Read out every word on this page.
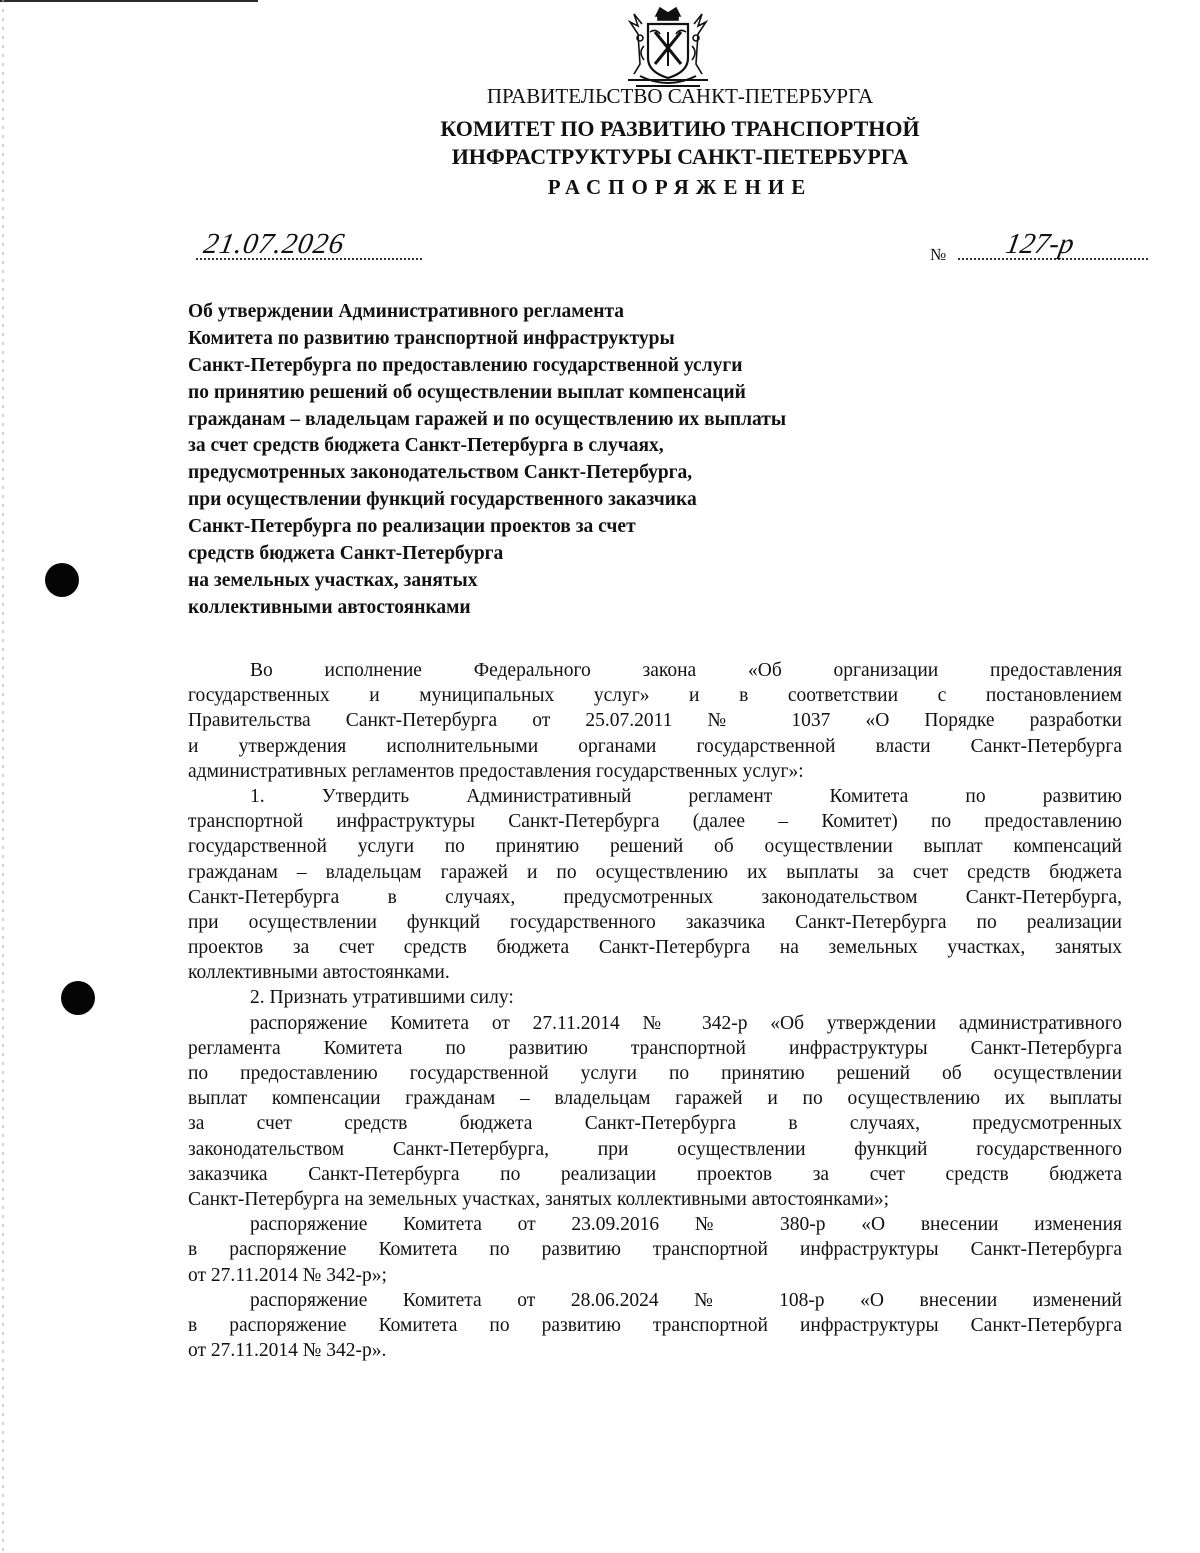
ПРАВИТЕЛЬСТВО САНКТ-ПЕТЕРБУРГА
КОМИТЕТ ПО РАЗВИТИЮ ТРАНСПОРТНОЙ
ИНФРАСТРУКТУРЫ САНКТ-ПЕТЕРБУРГА
РАСПОРЯЖЕНИЕ
21.07.2026	№ 127-р
Об утверждении Административного регламента
Комитета по развитию транспортной инфраструктуры
Санкт-Петербурга по предоставлению государственной услуги
по принятию решений об осуществлении выплат компенсаций
гражданам – владельцам гаражей и по осуществлению их выплаты
за счет средств бюджета Санкт-Петербурга в случаях,
предусмотренных законодательством Санкт-Петербурга,
при осуществлении функций государственного заказчика
Санкт-Петербурга по реализации проектов за счет
средств бюджета Санкт-Петербурга
на земельных участках, занятых
коллективными автостоянками
Во исполнение Федерального закона «Об организации предоставления
государственных и муниципальных услуг» и в соответствии с постановлением
Правительства Санкт-Петербурга от 25.07.2011 № 1037 «О Порядке разработки
и утверждения исполнительными органами государственной власти Санкт-Петербурга
административных регламентов предоставления государственных услуг»:
1. Утвердить Административный регламент Комитета по развитию
транспортной инфраструктуры Санкт-Петербурга (далее – Комитет) по предоставлению
государственной услуги по принятию решений об осуществлении выплат компенсаций
гражданам – владельцам гаражей и по осуществлению их выплаты за счет средств бюджета
Санкт-Петербурга в случаях, предусмотренных законодательством Санкт-Петербурга,
при осуществлении функций государственного заказчика Санкт-Петербурга по реализации
проектов за счет средств бюджета Санкт-Петербурга на земельных участках, занятых
коллективными автостоянками.
2. Признать утратившими силу:
распоряжение Комитета от 27.11.2014 № 342-р «Об утверждении административного
регламента Комитета по развитию транспортной инфраструктуры Санкт-Петербурга
по предоставлению государственной услуги по принятию решений об осуществлении
выплат компенсации гражданам – владельцам гаражей и по осуществлению их выплаты
за счет средств бюджета Санкт-Петербурга в случаях, предусмотренных
законодательством Санкт-Петербурга, при осуществлении функций государственного
заказчика Санкт-Петербурга по реализации проектов за счет средств бюджета
Санкт-Петербурга на земельных участках, занятых коллективными автостоянками»;
распоряжение Комитета от 23.09.2016 № 380-р «О внесении изменения
в распоряжение Комитета по развитию транспортной инфраструктуры Санкт-Петербурга
от 27.11.2014 № 342-р»;
распоряжение Комитета от 28.06.2024 № 108-р «О внесении изменений
в распоряжение Комитета по развитию транспортной инфраструктуры Санкт-Петербурга
от 27.11.2014 № 342-р».
